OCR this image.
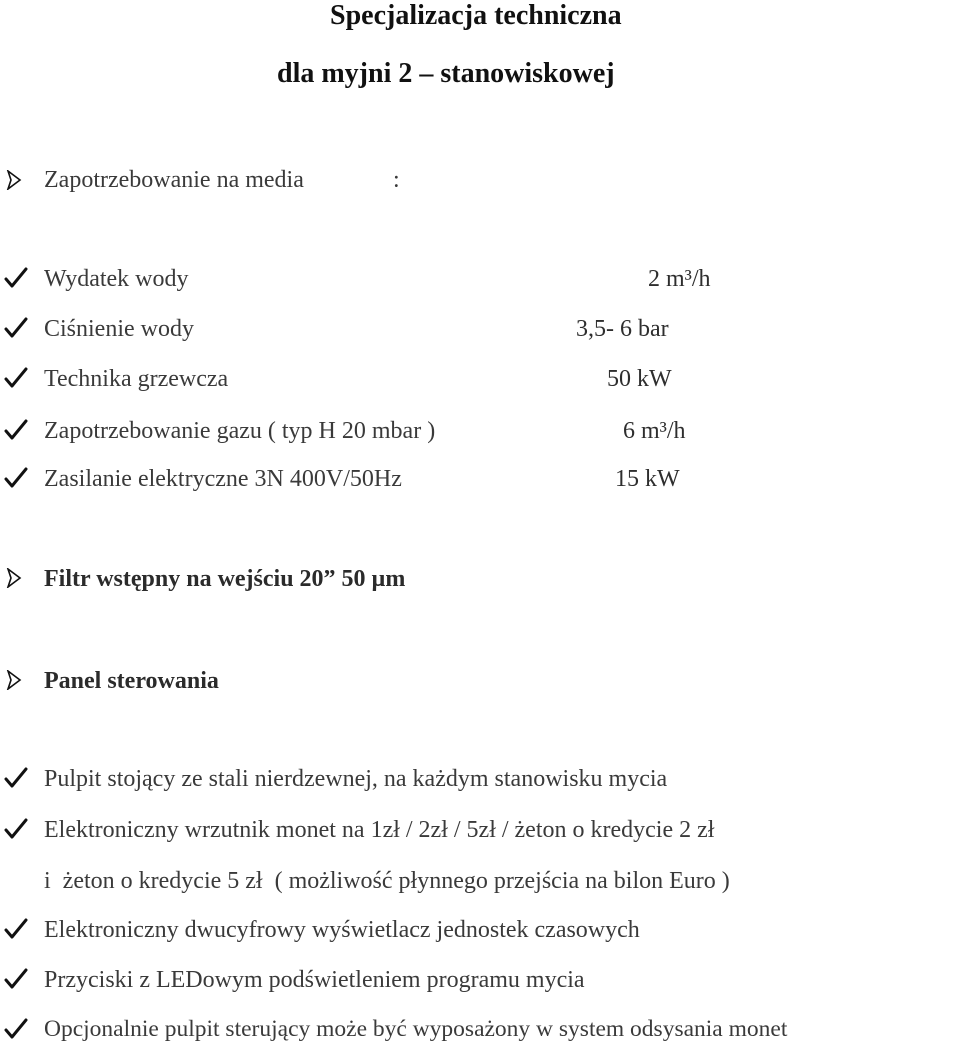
Specjalizacja techniczna
dla myjni 2 – stanowiskowej
Zapotrzebowanie na media	:
Wydatek wody	2 m³/h
Ciśnienie wody	3,5- 6 bar
Technika grzewcza	50 kW
Zapotrzebowanie gazu ( typ H 20 mbar )	6 m³/h
Zasilanie elektryczne 3N 400V/50Hz	15 kW
Filtr wstępny na wejściu 20” 50 µm
Panel sterowania
Pulpit stojący ze stali nierdzewnej, na każdym stanowisku mycia
Elektroniczny wrzutnik monet na 1zł / 2zł / 5zł / żeton o kredycie 2 zł
i  żeton o kredycie 5 zł  ( możliwość płynnego przejścia na bilon Euro )
Elektroniczny dwucyfrowy wyświetlacz jednostek czasowych
Przyciski z LEDowym podświetleniem programu mycia
Opcjonalnie pulpit sterujący może być wyposażony w system odsysania monet
